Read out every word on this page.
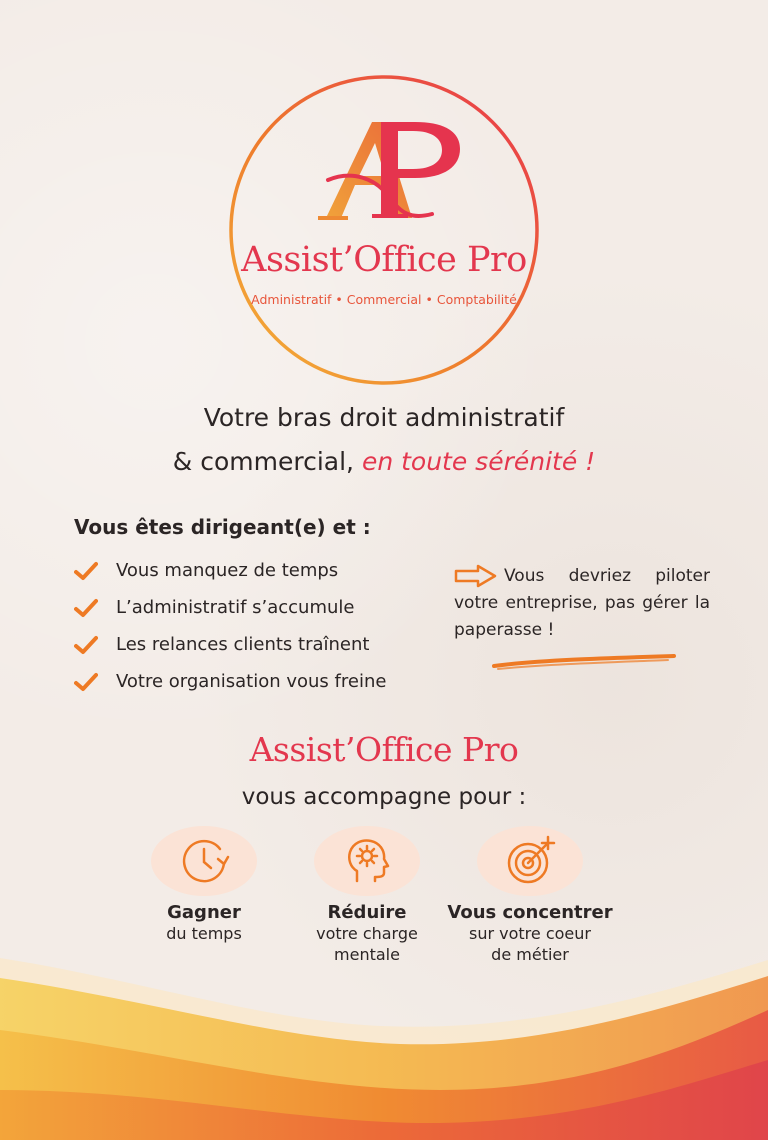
Assist’Office Pro
Administratif • Commercial • Comptabilité
Votre bras droit administratif
& commercial, en toute sérénité !
Vous êtes dirigeant(e) et :
Vous manquez de temps
L’administratif s’accumule
Les relances clients traînent
Votre organisation vous freine
Vous devriez piloter votre entreprise, pas gérer la paperasse !
Assist’Office Pro
vous accompagne pour :
Gagner
du temps
Réduire
votre charge
mentale
Vous concentrer
sur votre coeur
de métier
